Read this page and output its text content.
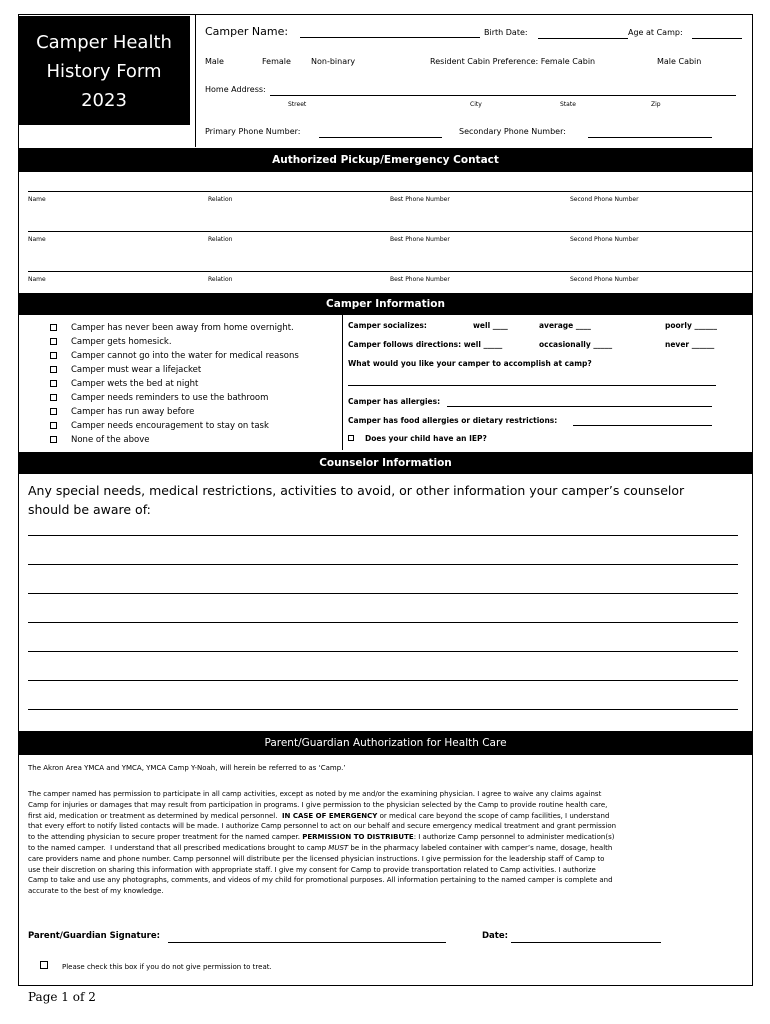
Camper Health
History Form
2023
Camper Name:	Birth Date:	Age at Camp:
Male	Female	Non-binary	Resident Cabin Preference: Female Cabin	Male Cabin
Home Address:
Street	City	State	Zip
Primary Phone Number:	Secondary Phone Number:
Authorized Pickup/Emergency Contact
Name	Relation	Best Phone Number	Second Phone Number
Name	Relation	Best Phone Number	Second Phone Number
Name	Relation	Best Phone Number	Second Phone Number
Camper Information
Camper has never been away from home overnight.
Camper gets homesick.
Camper cannot go into the water for medical reasons
Camper must wear a lifejacket
Camper wets the bed at night
Camper needs reminders to use the bathroom
Camper has run away before
Camper needs encouragement to stay on task
None of the above
Camper socializes:	well ____	average ____	poorly ______
Camper follows directions: well _____	occasionally _____	never ______
What would you like your camper to accomplish at camp?
Camper has allergies:
Camper has food allergies or dietary restrictions:
Does your child have an IEP?
Counselor Information
Any special needs, medical restrictions, activities to avoid, or other information your camper’s counselor should be aware of:
Parent/Guardian Authorization for Health Care
The Akron Area YMCA and YMCA, YMCA Camp Y-Noah, will herein be referred to as ‘Camp.’
The camper named has permission to participate in all camp activities, except as noted by me and/or the examining physician. I agree to waive any claims against
Camp for injuries or damages that may result from participation in programs. I give permission to the physician selected by the Camp to provide routine health care,
first aid, medication or treatment as determined by medical personnel.  IN CASE OF EMERGENCY or medical care beyond the scope of camp facilities, I understand
that every effort to notify listed contacts will be made. I authorize Camp personnel to act on our behalf and secure emergency medical treatment and grant permission
to the attending physician to secure proper treatment for the named camper. PERMISSION TO DISTRIBUTE: I authorize Camp personnel to administer medication(s)
to the named camper.  I understand that all prescribed medications brought to camp MUST be in the pharmacy labeled container with camper’s name, dosage, health
care providers name and phone number. Camp personnel will distribute per the licensed physician instructions. I give permission for the leadership staff of Camp to
use their discretion on sharing this information with appropriate staff. I give my consent for Camp to provide transportation related to Camp activities. I authorize
Camp to take and use any photographs, comments, and videos of my child for promotional purposes. All information pertaining to the named camper is complete and
accurate to the best of my knowledge.
Parent/Guardian Signature:	Date:
Please check this box if you do not give permission to treat.
Page 1 of 2
